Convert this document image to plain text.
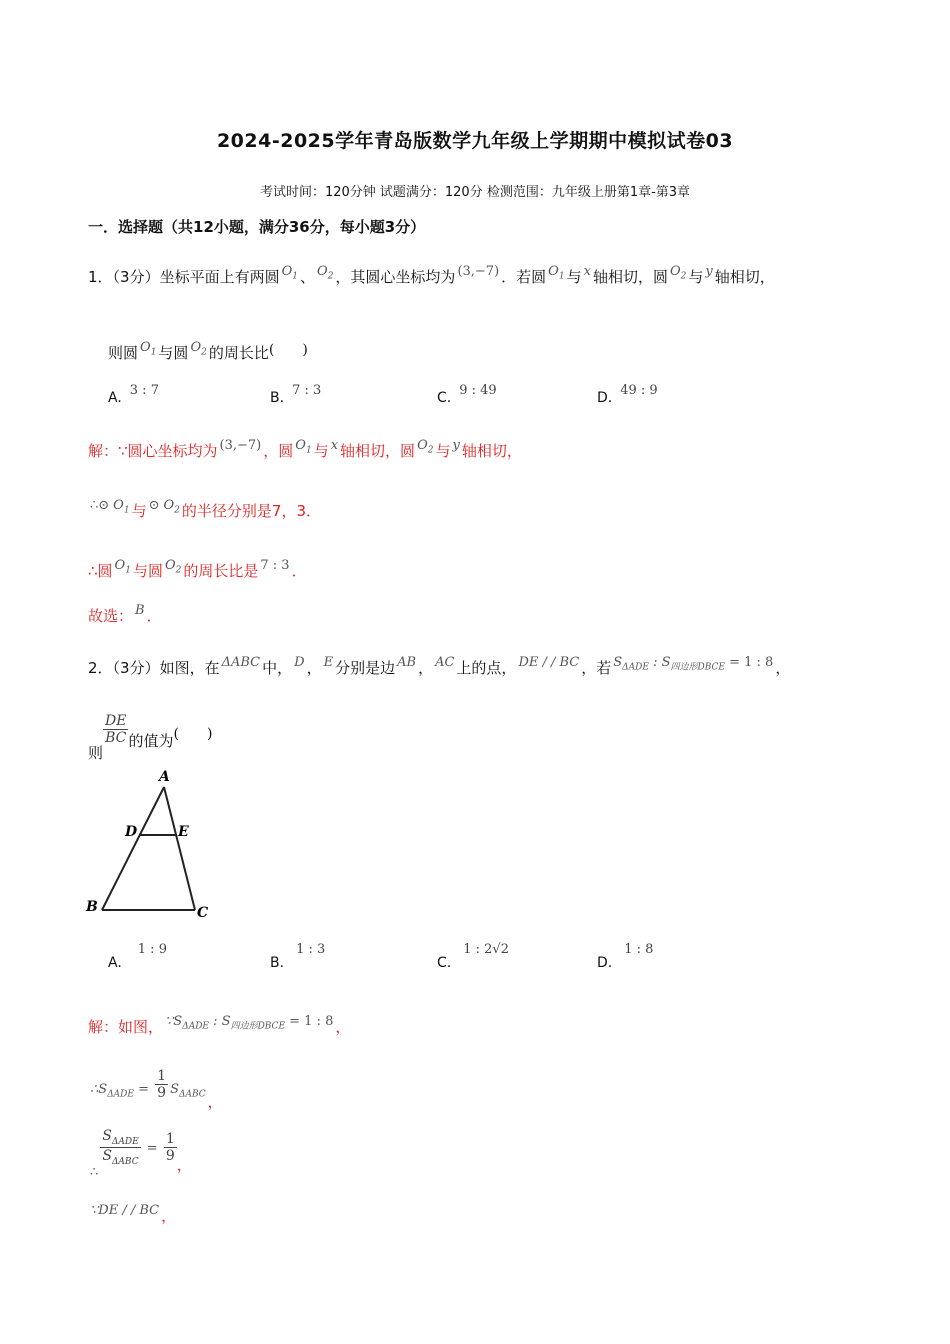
2024-2025学年青岛版数学九年级上学期期中模拟试卷03
考试时间：120分钟 试题满分：120分 检测范围：九年级上册第1章-第3章
一．选择题（共12小题，满分36分，每小题3分）
1．（3分）坐标平面上有两圆 $O_1$ 、 $O_2$ ，其圆心坐标均为 (3,−7) ．若圆 $O_1$ 与 x 轴相切，圆 $O_2$ 与 y 轴相切，
则圆 $O_1$ 与圆 $O_2$ 的周长比(　　)
A. 3 : 7	B. 7 : 3	C. 9 : 49	D. 49 : 9
解：∵圆心坐标均为 (3,−7) ，圆 $O_1$ 与 x 轴相切，圆 $O_2$ 与 y 轴相切，
∴⊙ $O_1$ 与 ⊙ $O_2$ 的半径分别是7，3．
∴圆 $O_1$ 与圆 $O_2$ 的周长比是 7 : 3 ．
故选： B ．
2．（3分）如图，在 ΔABC 中， D ， E 分别是边 AB ， AC 上的点， DE / / BC ，若 $S_{\Delta ADE}$ : $S_{四边形DBCE} = 1$ : 8 ，
则
$\frac{DE}{BC}$ 的值为(　　)
A
D	E
B	C
A.1 : 9
B.1 : 3
C.1 : 2√2
D.1 : 8
解：如图， $\because S_{\Delta ADE}$ : $S_{四边形DBCE} = 1$ : 8 ，
$\therefore S_{\Delta ADE} = \frac{1}{9} S_{\Delta ABC}$ ，
∴
$\frac{S_{\Delta ADE}}{S_{\Delta ABC}} = \frac{1}{9}$
，
∵DE / / BC ，
